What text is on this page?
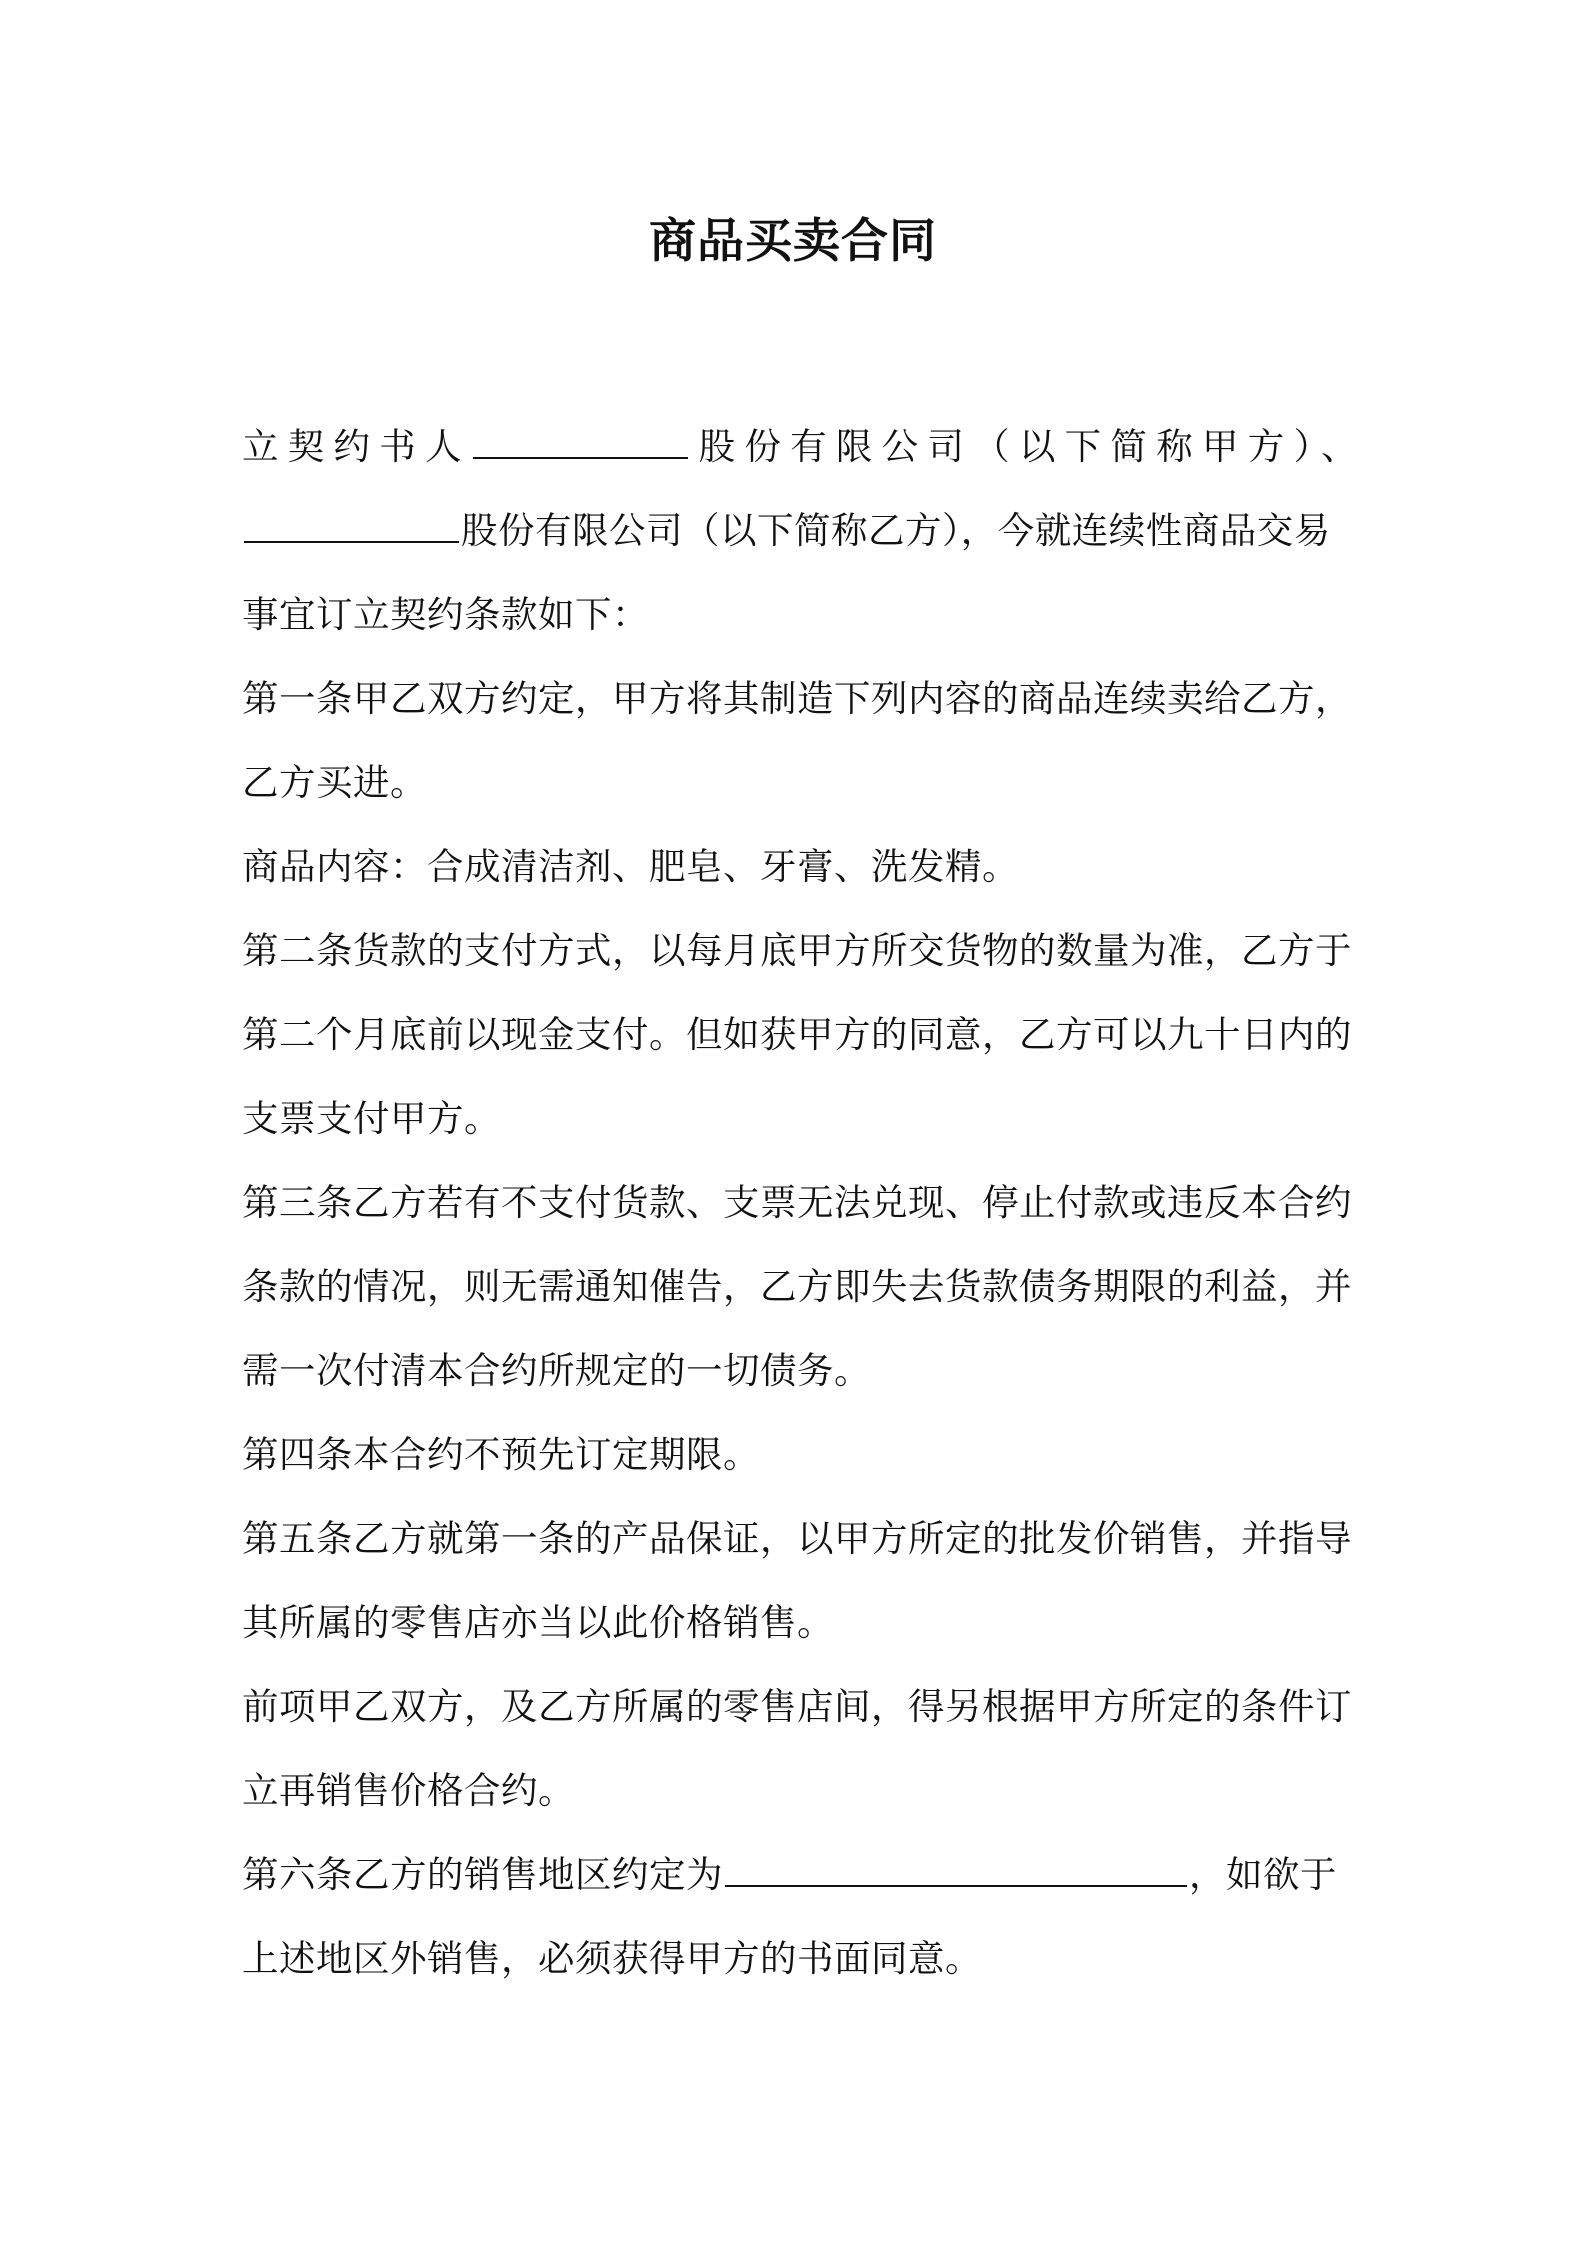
商品买卖合同
立契约书人	股份有限公司（以下简称甲方）、
股份有限公司（以下简称乙方），今就连续性商品交易
事宜订立契约条款如下：
第一条甲乙双方约定，甲方将其制造下列内容的商品连续卖给乙方，
乙方买进。
商品内容：合成清洁剂、肥皂、牙膏、洗发精。
第二条货款的支付方式，以每月底甲方所交货物的数量为准，乙方于
第二个月底前以现金支付。但如获甲方的同意，乙方可以九十日内的
支票支付甲方。
第三条乙方若有不支付货款、支票无法兑现、停止付款或违反本合约
条款的情况，则无需通知催告，乙方即失去货款债务期限的利益，并
需一次付清本合约所规定的一切债务。
第四条本合约不预先订定期限。
第五条乙方就第一条的产品保证，以甲方所定的批发价销售，并指导
其所属的零售店亦当以此价格销售。
前项甲乙双方，及乙方所属的零售店间，得另根据甲方所定的条件订
立再销售价格合约。
第六条乙方的销售地区约定为	，如欲于
上述地区外销售，必须获得甲方的书面同意。
